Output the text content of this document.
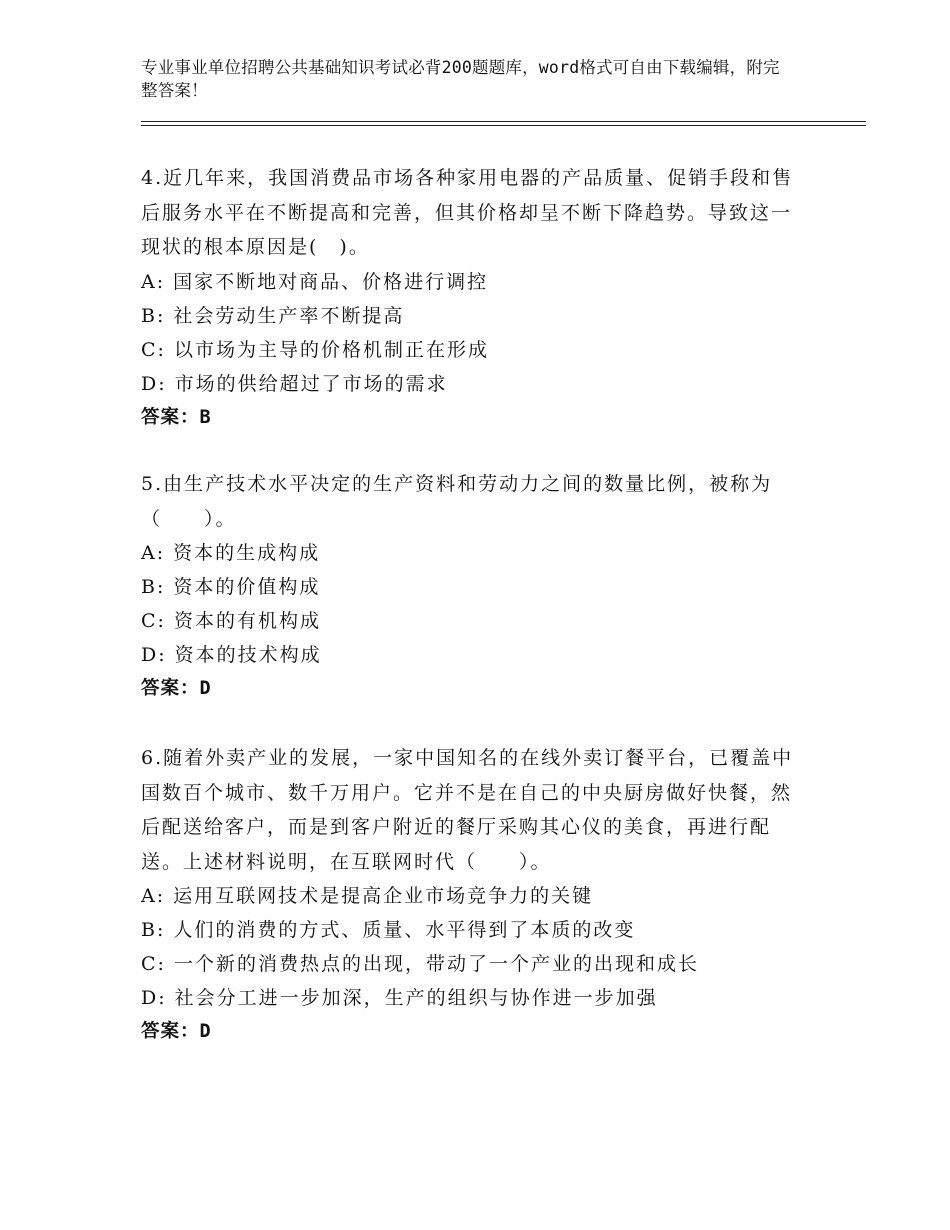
专业事业单位招聘公共基础知识考试必背200题题库，word格式可自由下载编辑，附完整答案！
4.近几年来，我国消费品市场各种家用电器的产品质量、促销手段和售后服务水平在不断提高和完善，但其价格却呈不断下降趋势。导致这一现状的根本原因是(　)。
A: 国家不断地对商品、价格进行调控
B: 社会劳动生产率不断提高
C: 以市场为主导的价格机制正在形成
D: 市场的供给超过了市场的需求
答案：B
5.由生产技术水平决定的生产资料和劳动力之间的数量比例，被称为（　　）。
A: 资本的生成构成
B: 资本的价值构成
C: 资本的有机构成
D: 资本的技术构成
答案：D
6.随着外卖产业的发展，一家中国知名的在线外卖订餐平台，已覆盖中国数百个城市、数千万用户。它并不是在自己的中央厨房做好快餐，然后配送给客户，而是到客户附近的餐厅采购其心仪的美食，再进行配送。上述材料说明，在互联网时代（　　）。
A: 运用互联网技术是提高企业市场竞争力的关键
B: 人们的消费的方式、质量、水平得到了本质的改变
C: 一个新的消费热点的出现，带动了一个产业的出现和成长
D: 社会分工进一步加深，生产的组织与协作进一步加强
答案：D
